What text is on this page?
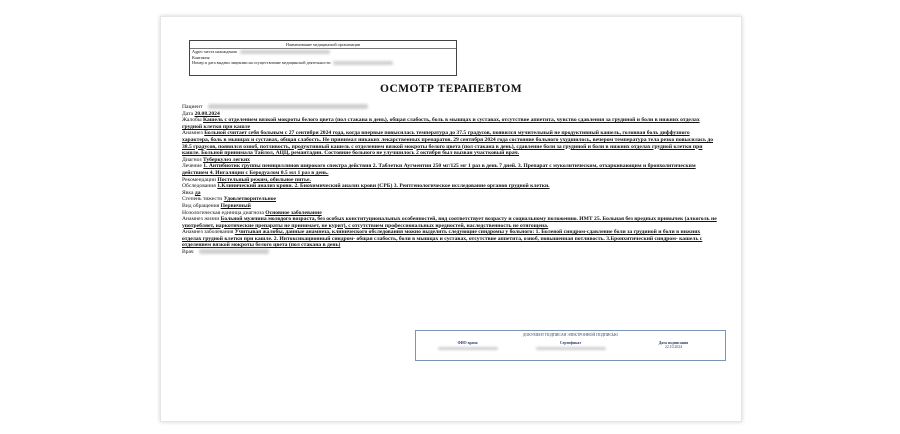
Наименование медицинской организации
Адрес места нахождения
Контакты:
Номер и дата выдачи лицензии на осуществление медицинской деятельности
ОСМОТР ТЕРАПЕВТОМ

Пациент

Дата 20.08.2024

Жалобы Кашель с отделением вязкой мокроты белого цвета (пол стакана в день), общая слабость, боль в мышцах и суставах, отсутствие аппетита, чувство сдавления за грудиной и боли в нижних отделах грудной клетки при кашле

Анамнез Больной считает себя больным с 27 сентября 2024 года, когда впервые повысилась температура до 37.5 градусов, появился мучительный не продуктивный кашель, головная боль диффузного характера, боль в мышцах и суставах, общая слабость. Не принимал никаких лекарственных препаратов. 29 сентября 2024 года состояние больного ухудшилось, вечером температура тела резко повысилась до 38.5 градусов, появился озноб, потливость, продуктивный кашель с отделением вязкой мокроты белого цвета (пол стакана в день), сдавление боли за грудиной и боли в нижних отделах грудной клетки при кашле. Больной принимала Тайлол, АЦЦ, ремантадин. Состояние больного не улучшилось 2 октября был вызван участковый врач.

Диагноз Туберкулез легких

Лечение 1. Антибиотик группы пенициллинов широкого спектра действия 2. Таблетки Аугментин 250 мг/125 мг 1 раз в день 7 дней. 3. Препарат с муколитическим, отхаркивающим и бронхолитическим действием 4. Ингаляции с Беродуалом 0.5 мл 1 раз в день.

Рекомендации Постельный режим, обильное питье.

Обследования 1.Клинический анализ крови. 2. Биохимический анализ крови (СРБ) 3. Рентгенологическое исследование органов грудной клетки.

Явка да

Степень тяжести Удовлетворительное

Вид обращения Первичный

Нозологическая единица диагноза Основное заболевание

Анамнез жизни Больной мужчина молодого возраста, без особых конституциональных особенностей, вид соответствует возрасту и социальному положению. ИМТ 25. Больная без вредных привычек (алкоголь не употребляет, наркотические препараты не принимает, не курит), с отсутствием профессиональных вредностей, наследственность не отягощена.

Анамнез заболевания Учитывая жалобы, данные анамнеза, клинического обследования можно выделить следующие синдромы у больного: 1. Болевой синдром-сдавление боли за грудиной и боли в нижних отделах грудной клетки при кашле. 2. Интоксикационный синдром- общая слабость, боли в мышцах и суставах, отсутствие аппетита, озноб, повышенная потливость. 3.Бронхитический синдром- кашель с отделением вязкой мокроты белого цвета (пол стакана в день)

Врач

ДОКУМЕНТ ПОДПИСАН ЭЛЕКТРОННОЙ ПОДПИСЬЮ
ФИО врача	Сертификат	Дата подписания
22.10.2024
